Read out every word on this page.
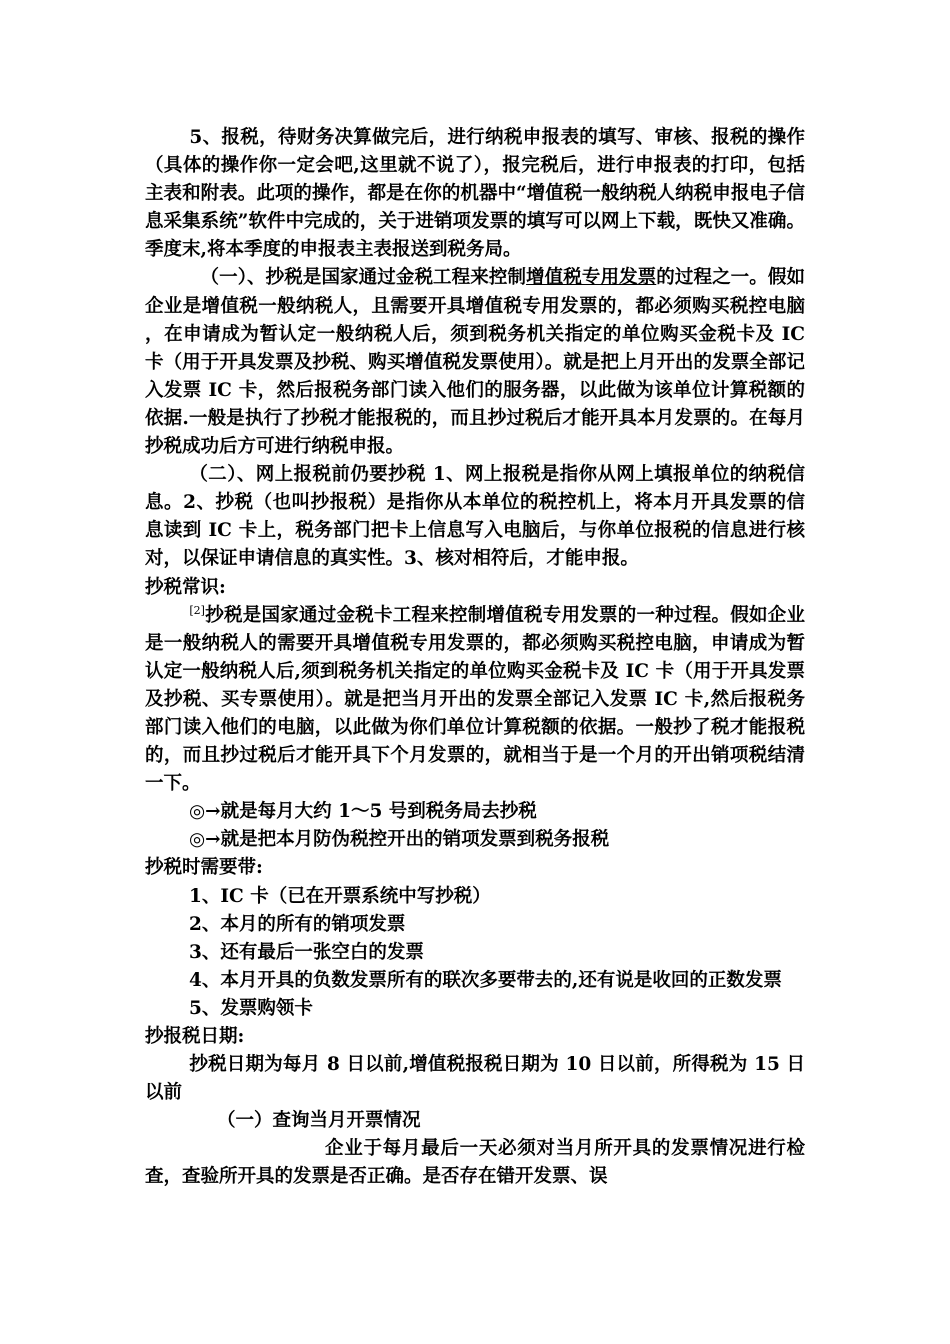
5、报税，待财务决算做完后，进行纳税申报表的填写、审核、报税的操作（具体的操作你一定会吧,这里就不说了），报完税后，进行申报表的打印，包括主表和附表。此项的操作，都是在你的机器中“增值税一般纳税人纳税申报电子信息采集系统”软件中完成的，关于进销项发票的填写可以网上下载，既快又准确。季度末,将本季度的申报表主表报送到税务局。

（一）、抄税是国家通过金税工程来控制增值税专用发票的过程之一。假如企业是增值税一般纳税人，且需要开具增值税专用发票的，都必须购买税控电脑，在申请成为暂认定一般纳税人后，须到税务机关指定的单位购买金税卡及 IC 卡（用于开具发票及抄税、购买增值税发票使用）。就是把上月开出的发票全部记入发票 IC 卡，然后报税务部门读入他们的服务器，以此做为该单位计算税额的依据.一般是执行了抄税才能报税的，而且抄过税后才能开具本月发票的。在每月抄税成功后方可进行纳税申报。

（二）、网上报税前仍要抄税 1、网上报税是指你从网上填报单位的纳税信息。2、抄税（也叫抄报税）是指你从本单位的税控机上，将本月开具发票的信息读到 IC 卡上，税务部门把卡上信息写入电脑后，与你单位报税的信息进行核对，以保证申请信息的真实性。3、核对相符后，才能申报。

抄税常识:

[2]抄税是国家通过金税卡工程来控制增值税专用发票的一种过程。假如企业是一般纳税人的需要开具增值税专用发票的，都必须购买税控电脑，申请成为暂认定一般纳税人后,须到税务机关指定的单位购买金税卡及 IC 卡（用于开具发票及抄税、买专票使用）。就是把当月开出的发票全部记入发票 IC 卡,然后报税务部门读入他们的电脑，以此做为你们单位计算税额的依据。一般抄了税才能报税的，而且抄过税后才能开具下个月发票的，就相当于是一个月的开出销项税结清一下。

◎→就是每月大约 1～5 号到税务局去抄税

◎→就是把本月防伪税控开出的销项发票到税务报税

抄税时需要带:

1、IC 卡（已在开票系统中写抄税）

2、本月的所有的销项发票

3、还有最后一张空白的发票

4、本月开具的负数发票所有的联次多要带去的,还有说是收回的正数发票

5、发票购领卡

抄报税日期:

抄税日期为每月 8 日以前,增值税报税日期为 10 日以前，所得税为 15 日以前

（一）查询当月开票情况

企业于每月最后一天必须对当月所开具的发票情况进行检查，查验所开具的发票是否正确。是否存在错开发票、误
